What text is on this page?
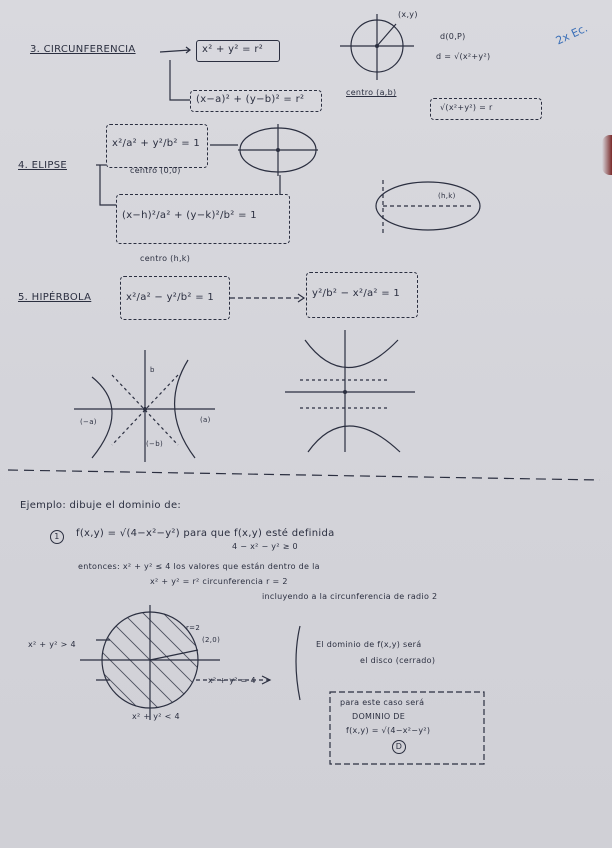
2x Ec.
3. CIRCUNFERENCIA	x² + y² = r²
(x−a)² + (y−b)² = r²
(x,y)
centro (a,b)
d(0,P)
d = √(x²+y²)
√(x²+y²) = r
4. ELIPSE
x²/a² + y²/b² = 1
centro (0,0)
(x−h)²/a² + (y−k)²/b² = 1
centro (h,k)
(h,k)
5. HIPÉRBOLA	x²/a² − y²/b² = 1	y²/b² − x²/a² = 1
(−a)	(a)
b
(−b)
Ejemplo: dibuje el dominio de:
1	f(x,y) = √(4−x²−y²) para que f(x,y) esté definida
4 − x² − y² ≥ 0
entonces: x² + y² ≤ 4 los valores que están dentro de la
x² + y² = r² circunferencia r = 2
incluyendo a la circunferencia de radio 2
x² + y² > 4
r=2
(2,0)
x² + y² = 4
x² + y² < 4
El dominio de f(x,y) será
el disco (cerrado)
para este caso será
DOMINIO DE
f(x,y) = √(4−x²−y²)
D
